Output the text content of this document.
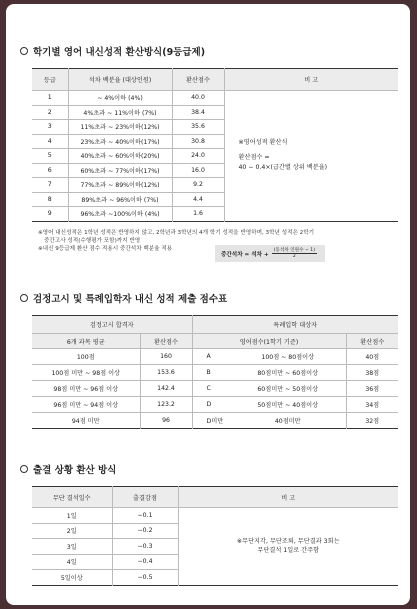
학기별 영어 내신성적 환산방식(9등급제)
등급	석차 백분율 (대상인원)	환산점수	비 고
1	~ 4%이하 (4%)	40.0	※영어성적 환산식
환산점수 =
40 − 0.4×(급간별 상위 백분율)

2	4%초과 ~ 11%이하 (7%)	38.4	
3	11%초과 ~ 23%이하(12%)	35.6	
4	23%초과 ~ 40%이하(17%)	30.8	
5	40%초과 ~ 60%이하(20%)	24.0	
6	60%초과 ~ 77%이하(17%)	16.0	
7	77%초과 ~ 89%이하(12%)	9.2	
8	89%초과 ~ 96%이하 (7%)	4.4	
9	96%초과 ~100%이하 (4%)	1.6	
※영어 내신성적은 1학년 성적은 반영하지 않고, 2학년과 3학년의 4개 학기 성적을 반영하며, 3학년 성적은 2학기
중간고사 성적(수행평가 포함)까지 반영
※내신 9등급제 환산 점수 적용시 중간석차 백분율 적용
중간석차 = 석차 + $\frac{\text{(동석차 인원수 − 1)}}{2}$
검정고시 및 특례입학자 내신 성적 제출 점수표
검정고시 합격자		특례입학 대상자		
6개 과목 평균	환산점수	영어점수(1학기 기준)		환산점수
100점	160	A	100점 ~ 80점이상	40점
100점 미만 ~ 98점 이상	153.6	B	80점미만 ~ 60점이상	38점
98점 미만 ~ 96점 이상	142.4	C	60점미만 ~ 50점이상	36점
96점 미만 ~ 94점 이상	123.2	D	50점미만 ~ 40점이상	34점
94점 미만	96	D미만	40점미만	32점
출결 상황 환산 방식
무단 결석일수	출결감점	비 고
1일	−0.1	※무단지각, 무단조퇴, 무단결과 3회는
무단결석 1일로 간주함

2일	−0.2	
3일	−0.3	
4일	−0.4	
5일이상	−0.5	
